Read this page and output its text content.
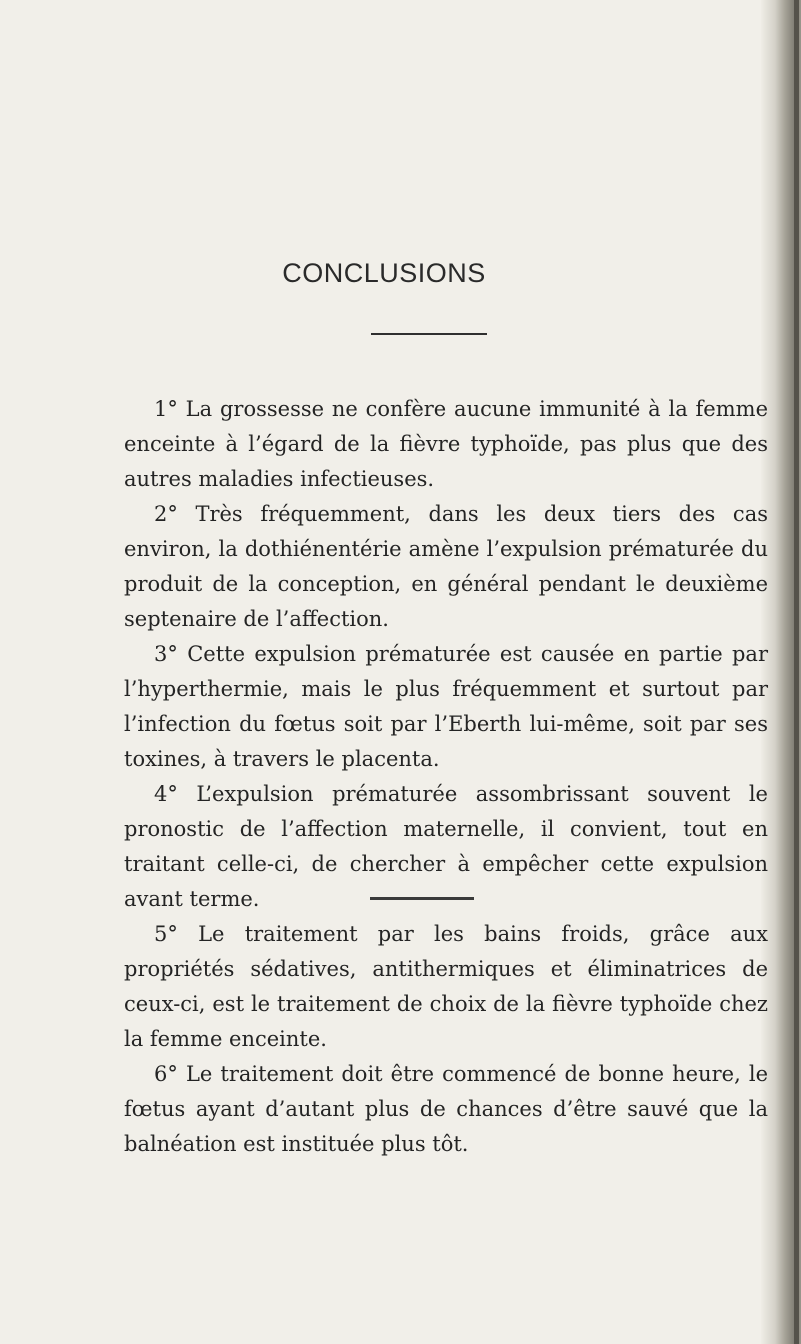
CONCLUSIONS

1° La grossesse ne confère aucune immunité à la femme enceinte à l’égard de la fièvre typhoïde, pas plus que des autres maladies infectieuses.

2° Très fréquemment, dans les deux tiers des cas environ, la dothiénentérie amène l’expulsion prématurée du produit de la conception, en général pendant le deuxième septenaire de l’affection.

3° Cette expulsion prématurée est causée en partie par l’hyperthermie, mais le plus fréquemment et surtout par l’infection du fœtus soit par l’Eberth lui-même, soit par ses toxines, à travers le placenta.

4° L’expulsion prématurée assombrissant souvent le pronostic de l’affection maternelle, il convient, tout en traitant celle-ci, de chercher à empêcher cette expulsion avant terme.

5° Le traitement par les bains froids, grâce aux propriétés sédatives, antithermiques et éliminatrices de ceux-ci, est le traitement de choix de la fièvre typhoïde chez la femme enceinte.

6° Le traitement doit être commencé de bonne heure, le fœtus ayant d’autant plus de chances d’être sauvé que la balnéation est instituée plus tôt.
